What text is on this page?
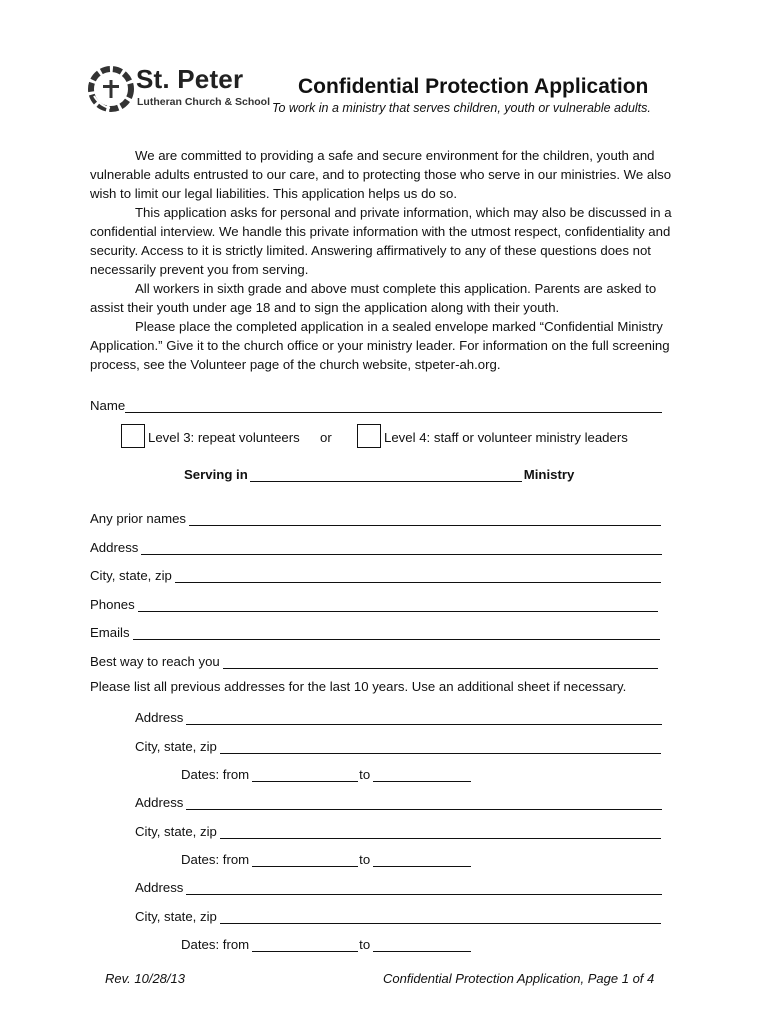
St. Peter
Lutheran Church & School
Confidential Protection Application
To work in a ministry that serves children, youth or vulnerable adults.

We are committed to providing a safe and secure environment for the children, youth and vulnerable adults entrusted to our care, and to protecting those who serve in our ministries. We also wish to limit our legal liabilities. This application helps us do so.

This application asks for personal and private information, which may also be discussed in a confidential interview. We handle this private information with the utmost respect, confidentiality and security. Access to it is strictly limited. Answering affirmatively to any of these questions does not necessarily prevent you from serving.

All workers in sixth grade and above must complete this application. Parents are asked to assist their youth under age 18 and to sign the application along with their youth.

Please place the completed application in a sealed envelope marked “Confidential Ministry Application.” Give it to the church office or your ministry leader. For information on the full screening process, see the Volunteer page of the church website, stpeter-ah.org.

Name
Level 3: repeat volunteers or	Level 4: staff or volunteer ministry leaders
Serving in	Ministry
Any prior names
Address
City, state, zip
Phones
Emails
Best way to reach you
Please list all previous addresses for the last 10 years. Use an additional sheet if necessary.
Address
City, state, zip
Dates: from	to
Address
City, state, zip
Dates: from	to
Address
City, state, zip
Dates: from	to
Rev. 10/28/13	Confidential Protection Application, Page 1 of 4
